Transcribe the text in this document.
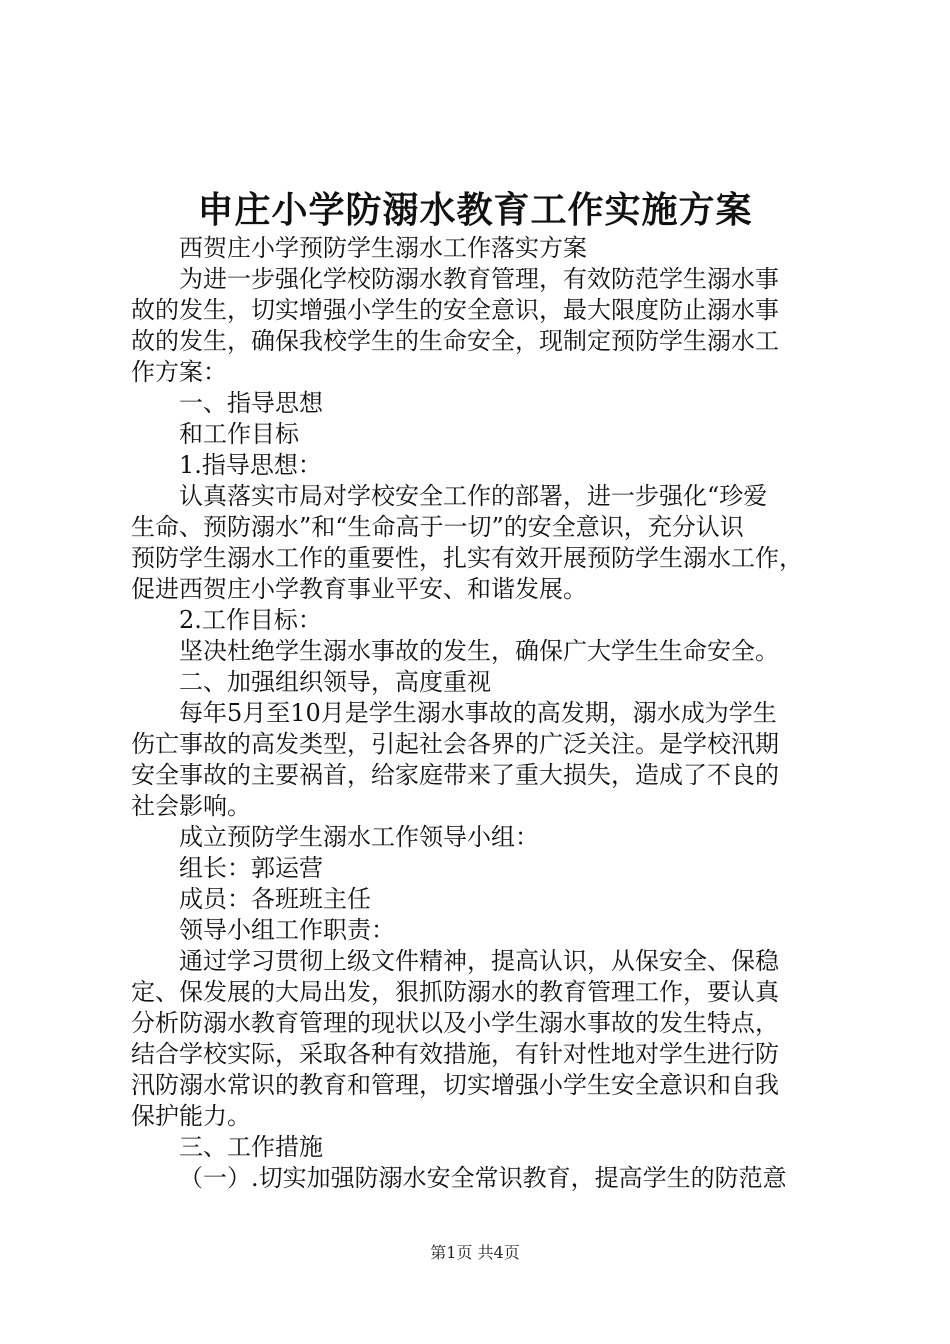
申庄小学防溺水教育工作实施方案

西贺庄小学预防学生溺水工作落实方案

为进一步强化学校防溺水教育管理，有效防范学生溺水事

故的发生，切实增强小学生的安全意识，最大限度防止溺水事

故的发生，确保我校学生的生命安全，现制定预防学生溺水工

作方案：

一、指导思想

和工作目标

1.指导思想：

认真落实市局对学校安全工作的部署，进一步强化“珍爱

生命、预防溺水”和“生命高于一切”的安全意识，充分认识

预防学生溺水工作的重要性，扎实有效开展预防学生溺水工作，

促进西贺庄小学教育事业平安、和谐发展。

2.工作目标：

坚决杜绝学生溺水事故的发生，确保广大学生生命安全。

二、加强组织领导，高度重视

每年5月至10月是学生溺水事故的高发期，溺水成为学生

伤亡事故的高发类型，引起社会各界的广泛关注。是学校汛期

安全事故的主要祸首，给家庭带来了重大损失，造成了不良的

社会影响。

成立预防学生溺水工作领导小组：

组长：郭运营

成员：各班班主任

领导小组工作职责：

通过学习贯彻上级文件精神，提高认识，从保安全、保稳

定、保发展的大局出发，狠抓防溺水的教育管理工作，要认真

分析防溺水教育管理的现状以及小学生溺水事故的发生特点，

结合学校实际，采取各种有效措施，有针对性地对学生进行防

汛防溺水常识的教育和管理，切实增强小学生安全意识和自我

保护能力。

三、工作措施

（一）.切实加强防溺水安全常识教育，提高学生的防范意

第1页 共4页
